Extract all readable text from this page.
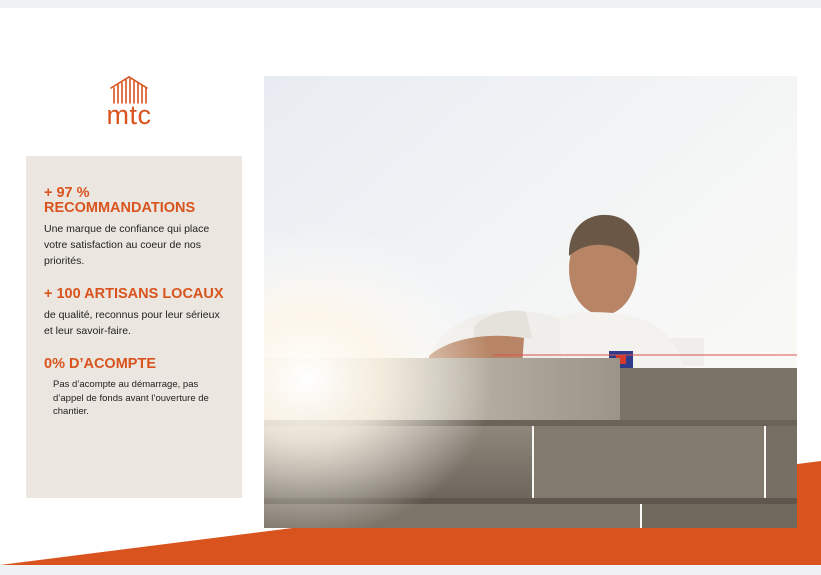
mtc

+ 97 % RECOMMANDATIONS

Une marque de confiance qui place votre satisfaction au coeur de nos priorités.

+ 100 ARTISANS LOCAUX

de qualité, reconnus pour leur sérieux et leur savoir-faire.

0% D’ACOMPTE

Pas d’acompte au démarrage, pas d’appel de fonds avant l’ouverture de chantier.
